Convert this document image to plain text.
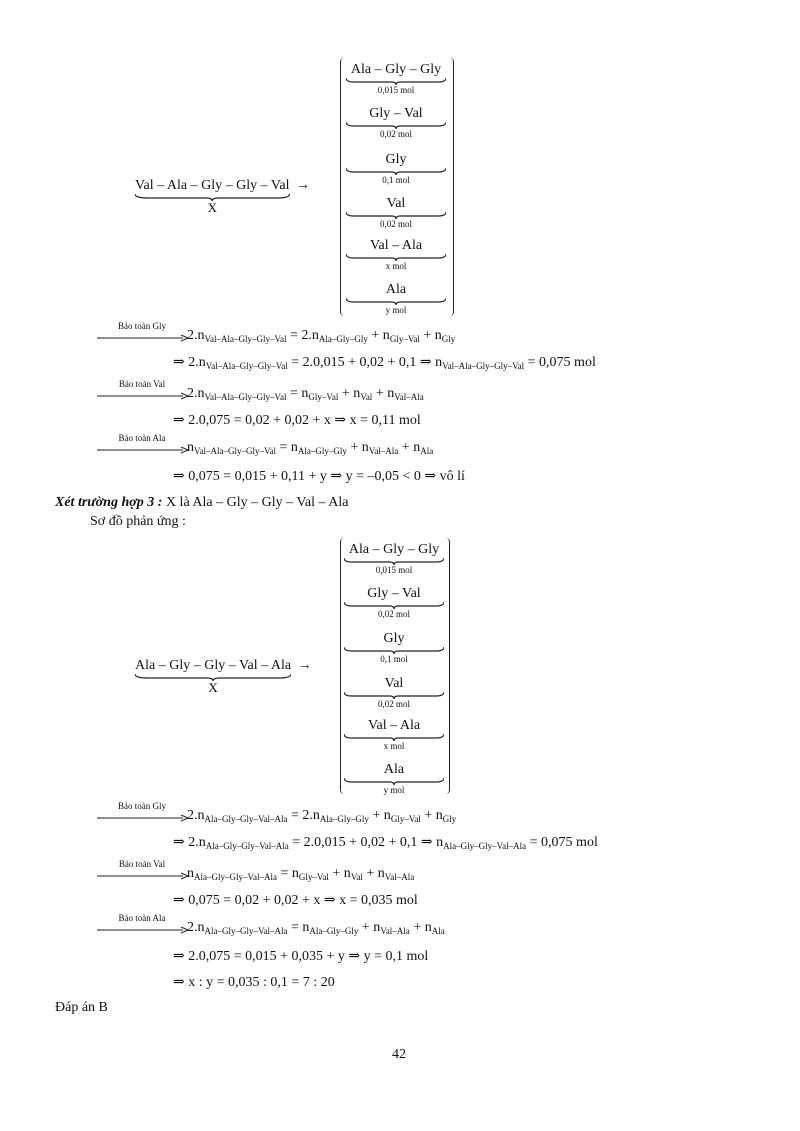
Val – Ala – Gly – Gly – Val
X
→
Ala – Gly – Gly
0,015 mol
Gly – Val
0,02 mol
Gly
0,1 mol
Val
0,02 mol
Val – Ala
x mol
Ala
y mol
Bảo toàn Gly
$2.n_{Val-Ala-Gly-Gly-Val} = 2.n_{Ala-Gly-Gly} + n_{Gly-Val} + n_{Gly}$
⇒ $2.n_{Val-Ala-Gly-Gly-Val} = 2.0,015 + 0,02 + 0,1$ ⇒ $n_{Val-Ala-Gly-Gly-Val} = 0,075$ mol
Bảo toàn Val
$2.n_{Val-Ala-Gly-Gly-Val} = n_{Gly-Val} + n_{Val} + n_{Val-Ala}$
⇒ 2.0,075 = 0,02 + 0,02 + x ⇒ x = 0,11 mol
Bảo toàn Ala
$n_{Val-Ala-Gly-Gly-Val} = n_{Ala-Gly-Gly} + n_{Val-Ala} + n_{Ala}$
⇒ 0,075 = 0,015 + 0,11 + y ⇒ y = –0,05 < 0 ⇒ vô lí
Xét trường hợp 3 : X là Ala – Gly – Gly – Val – Ala
Sơ đồ phản ứng :
Ala – Gly – Gly – Val – Ala
X
→
Ala – Gly – Gly
0,015 mol
Gly – Val
0,02 mol
Gly
0,1 mol
Val
0,02 mol
Val – Ala
x mol
Ala
y mol
Bảo toàn Gly
$2.n_{Ala-Gly-Gly-Val-Ala} = 2.n_{Ala-Gly-Gly} + n_{Gly-Val} + n_{Gly}$
⇒ $2.n_{Ala-Gly-Gly-Val-Ala} = 2.0,015 + 0,02 + 0,1$ ⇒ $n_{Ala-Gly-Gly-Val-Ala} = 0,075$ mol
Bảo toàn Val
$n_{Ala-Gly-Gly-Val-Ala} = n_{Gly-Val} + n_{Val} + n_{Val-Ala}$
⇒ 0,075 = 0,02 + 0,02 + x ⇒ x = 0,035 mol
Bảo toàn Ala
$2.n_{Ala-Gly-Gly-Val-Ala} = n_{Ala-Gly-Gly} + n_{Val-Ala} + n_{Ala}$
⇒ 2.0,075 = 0,015 + 0,035 + y ⇒ y = 0,1 mol
⇒ x : y = 0,035 : 0,1 = 7 : 20
Đáp án B
42
